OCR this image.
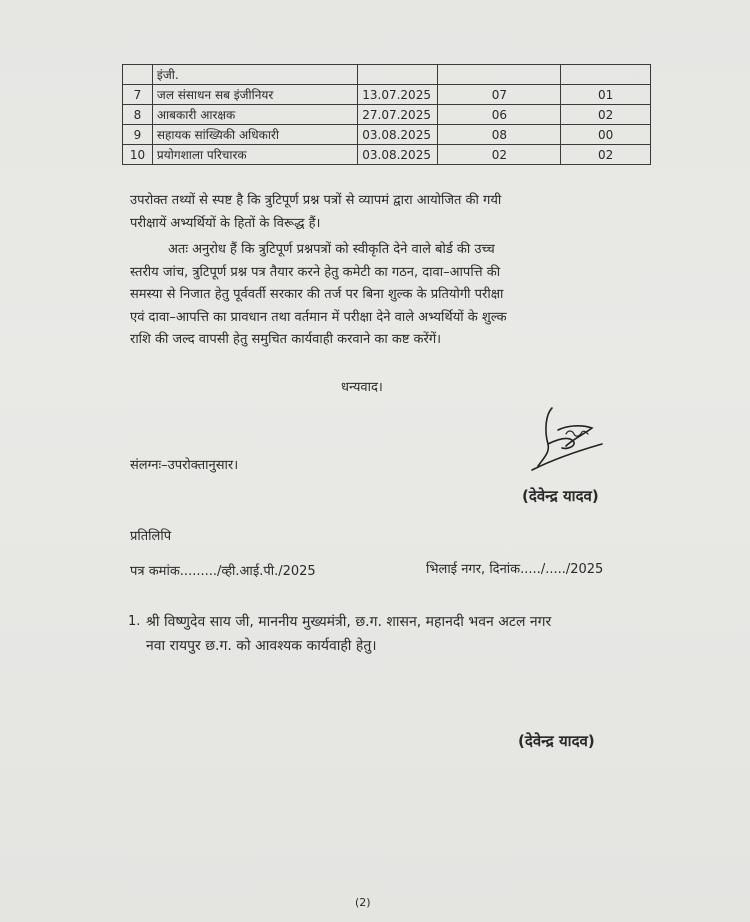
	इंजी.			
7	जल संसाधन सब इंजीनियर	13.07.2025	07	01
8	आबकारी आरक्षक	27.07.2025	06	02
9	सहायक सांख्यिकी अधिकारी	03.08.2025	08	00
10	प्रयोगशाला परिचारक	03.08.2025	02	02
उपरोक्त तथ्यों से स्पष्ट है कि त्रुटिपूर्ण प्रश्न पत्रों से व्यापमं द्वारा आयोजित की गयी
परीक्षायें अभ्यर्थियों के हितों के विरूद्ध हैं।
अतः अनुरोध हैं कि त्रुटिपूर्ण प्रश्नपत्रों को स्वीकृति देने वाले बोर्ड की उच्च
स्तरीय जांच, त्रुटिपूर्ण प्रश्न पत्र तैयार करने हेतु कमेटी का गठन, दावा–आपत्ति की
समस्या से निजात हेतु पूर्ववर्ती सरकार की तर्ज पर बिना शुल्क के प्रतियोगी परीक्षा
एवं दावा–आपत्ति का प्रावधान तथा वर्तमान में परीक्षा देने वाले अभ्यर्थियों के शुल्क
राशि की जल्द वापसी हेतु समुचित कार्यवाही करवाने का कष्ट करेंगें।
धन्यवाद।
संलग्नः–उपरोक्तानुसार।
(देवेन्द्र यादव)
प्रतिलिपि
पत्र कमांक........./व्ही.आई.पी./2025	भिलाई नगर, दिनांक...../...../2025
1. श्री विष्णुदेव साय जी, माननीय मुख्यमंत्री, छ.ग. शासन, महानदी भवन अटल नगर
नवा रायपुर छ.ग. को आवश्यक कार्यवाही हेतु।
(देवेन्द्र यादव)
(2)
